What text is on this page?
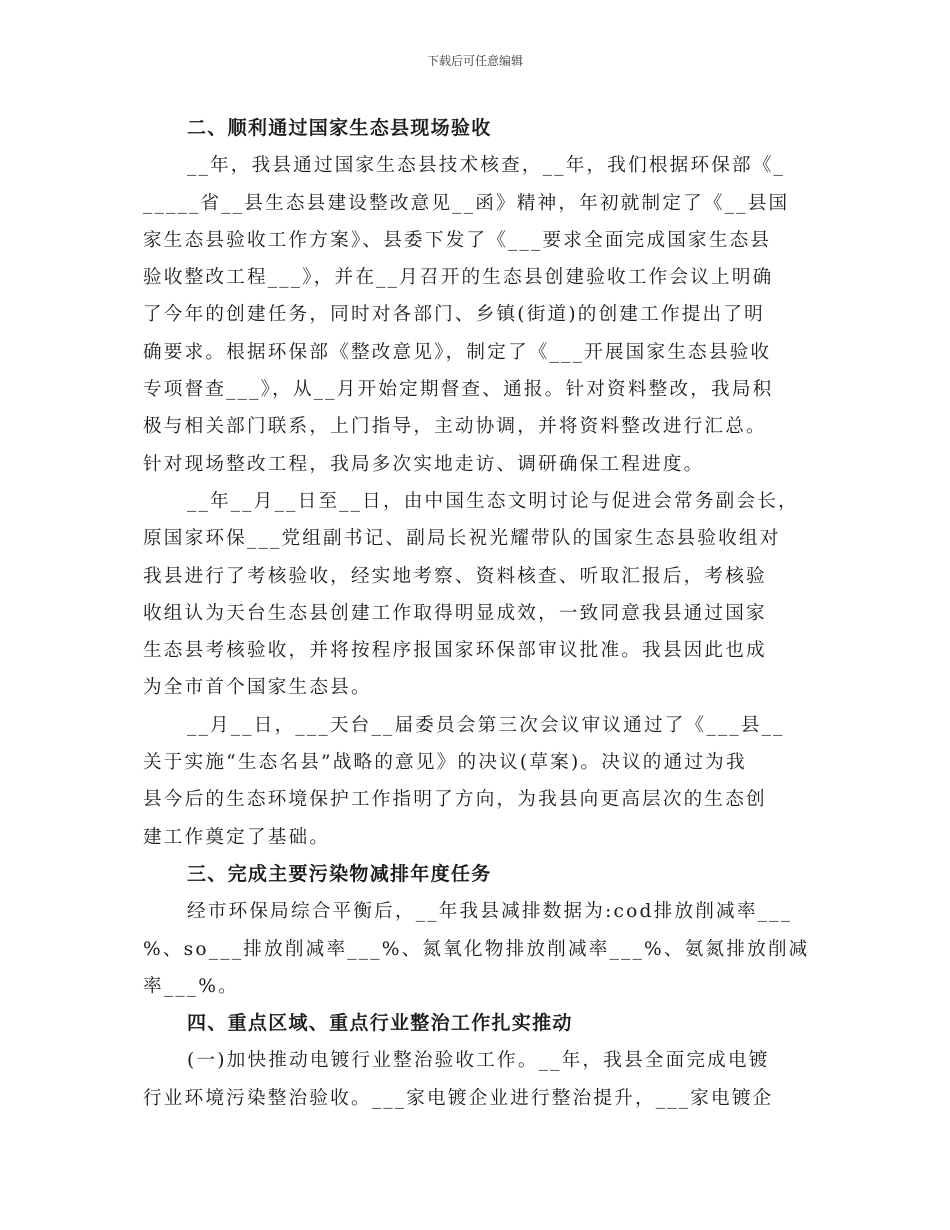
下载后可任意编辑
二、顺利通过国家生态县现场验收
__年，我县通过国家生态县技术核查，__年，我们根据环保部《_
_____省__县生态县建设整改意见__函》精神，年初就制定了《__县国
家生态县验收工作方案》、县委下发了《___要求全面完成国家生态县
验收整改工程___》，并在__月召开的生态县创建验收工作会议上明确
了今年的创建任务，同时对各部门、乡镇(街道)的创建工作提出了明
确要求。根据环保部《整改意见》，制定了《___开展国家生态县验收
专项督查___》，从__月开始定期督查、通报。针对资料整改，我局积
极与相关部门联系，上门指导，主动协调，并将资料整改进行汇总。
针对现场整改工程，我局多次实地走访、调研确保工程进度。
__年__月__日至__日，由中国生态文明讨论与促进会常务副会长，
原国家环保___党组副书记、副局长祝光耀带队的国家生态县验收组对
我县进行了考核验收，经实地考察、资料核查、听取汇报后，考核验
收组认为天台生态县创建工作取得明显成效，一致同意我县通过国家
生态县考核验收，并将按程序报国家环保部审议批准。我县因此也成
为全市首个国家生态县。
__月__日，___天台__届委员会第三次会议审议通过了《___县__
关于实施“生态名县”战略的意见》的决议(草案)。决议的通过为我
县今后的生态环境保护工作指明了方向，为我县向更高层次的生态创
建工作奠定了基础。
三、完成主要污染物减排年度任务
经市环保局综合平衡后，__年我县减排数据为:cod排放削减率___
%、so___排放削减率___%、氮氧化物排放削减率___%、氨氮排放削减
率___%。
四、重点区域、重点行业整治工作扎实推动
(一)加快推动电镀行业整治验收工作。__年，我县全面完成电镀
行业环境污染整治验收。___家电镀企业进行整治提升，___家电镀企
